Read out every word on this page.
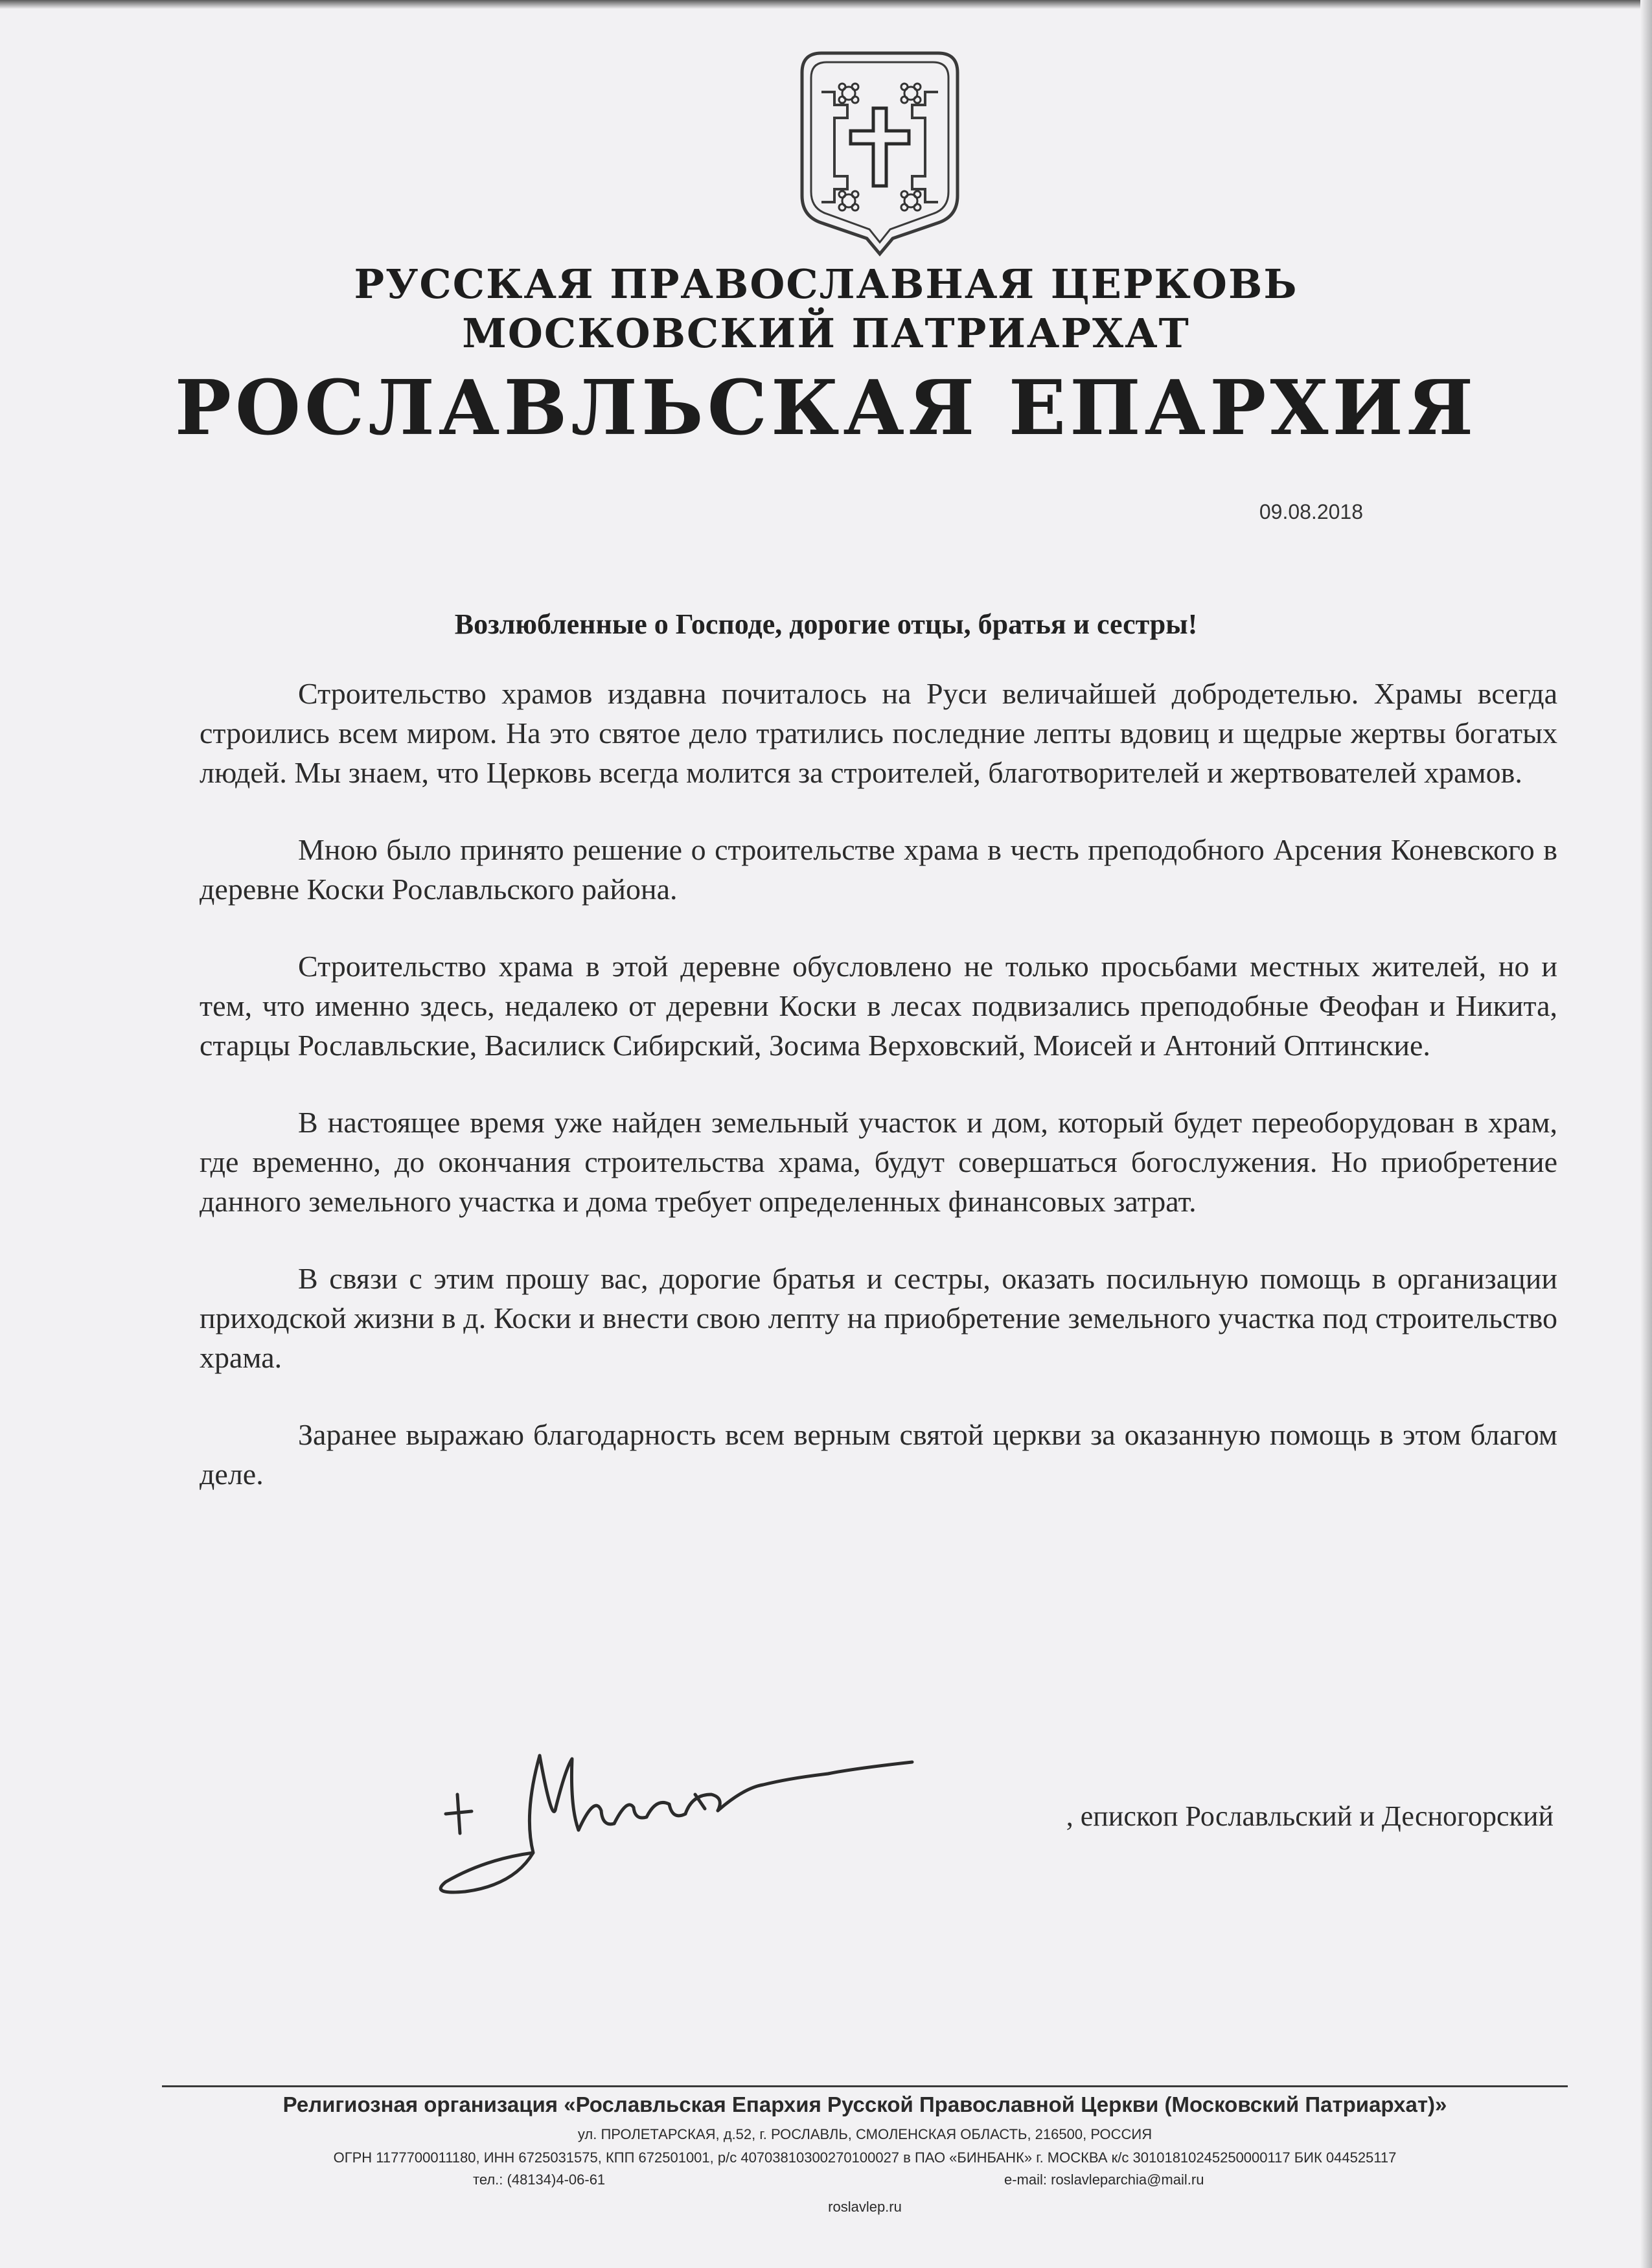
РУССКАЯ ПРАВОСЛАВНАЯ ЦЕРКОВЬ
МОСКОВСКИЙ ПАТРИАРХАТ
РОСЛАВЛЬСКАЯ ЕПАРХИЯ
09.08.2018
Возлюбленные о Господе, дорогие отцы, братья и сестры!

Строительство храмов издавна почиталось на Руси величайшей добродетелью. Храмы всегда строились всем миром. На это святое дело тратились последние лепты вдовиц и щедрые жертвы богатых людей. Мы знаем, что Церковь всегда молится за строителей, благотворителей и жертвователей храмов.

Мною было принято решение о строительстве храма в честь преподобного Арсения Коневского в деревне Коски Рославльского района.

Строительство храма в этой деревне обусловлено не только просьбами местных жителей, но и тем, что именно здесь, недалеко от деревни Коски в лесах подвизались преподобные Феофан и Никита, старцы Рославльские, Василиск Сибирский, Зосима Верховский, Моисей и Антоний Оптинские.

В настоящее время уже найден земельный участок и дом, который будет переоборудован в храм, где временно, до окончания строительства храма, будут совершаться богослужения. Но приобретение данного земельного участка и дома требует определенных финансовых затрат.

В связи с этим прошу вас, дорогие братья и сестры, оказать посильную помощь в организации приходской жизни в д. Коски и внести свою лепту на приобретение земельного участка под строительство храма.

Заранее выражаю благодарность всем верным святой церкви за оказанную помощь в этом благом деле.

, епископ Рославльский и Десногорский
Религиозная организация «Рославльская Епархия Русской Православной Церкви (Московский Патриархат)»
ул. ПРОЛЕТАРСКАЯ, д.52, г. РОСЛАВЛЬ, СМОЛЕНСКАЯ ОБЛАСТЬ, 216500, РОССИЯ
ОГРН 1177700011180, ИНН 6725031575, КПП 672501001, р/с 40703810300270100027 в ПАО «БИНБАНК» г. МОСКВА к/с 30101810245250000117 БИК 044525117
тел.: (48134)4-06-61	e-mail: roslavleparchia@mail.ru
roslavlep.ru
